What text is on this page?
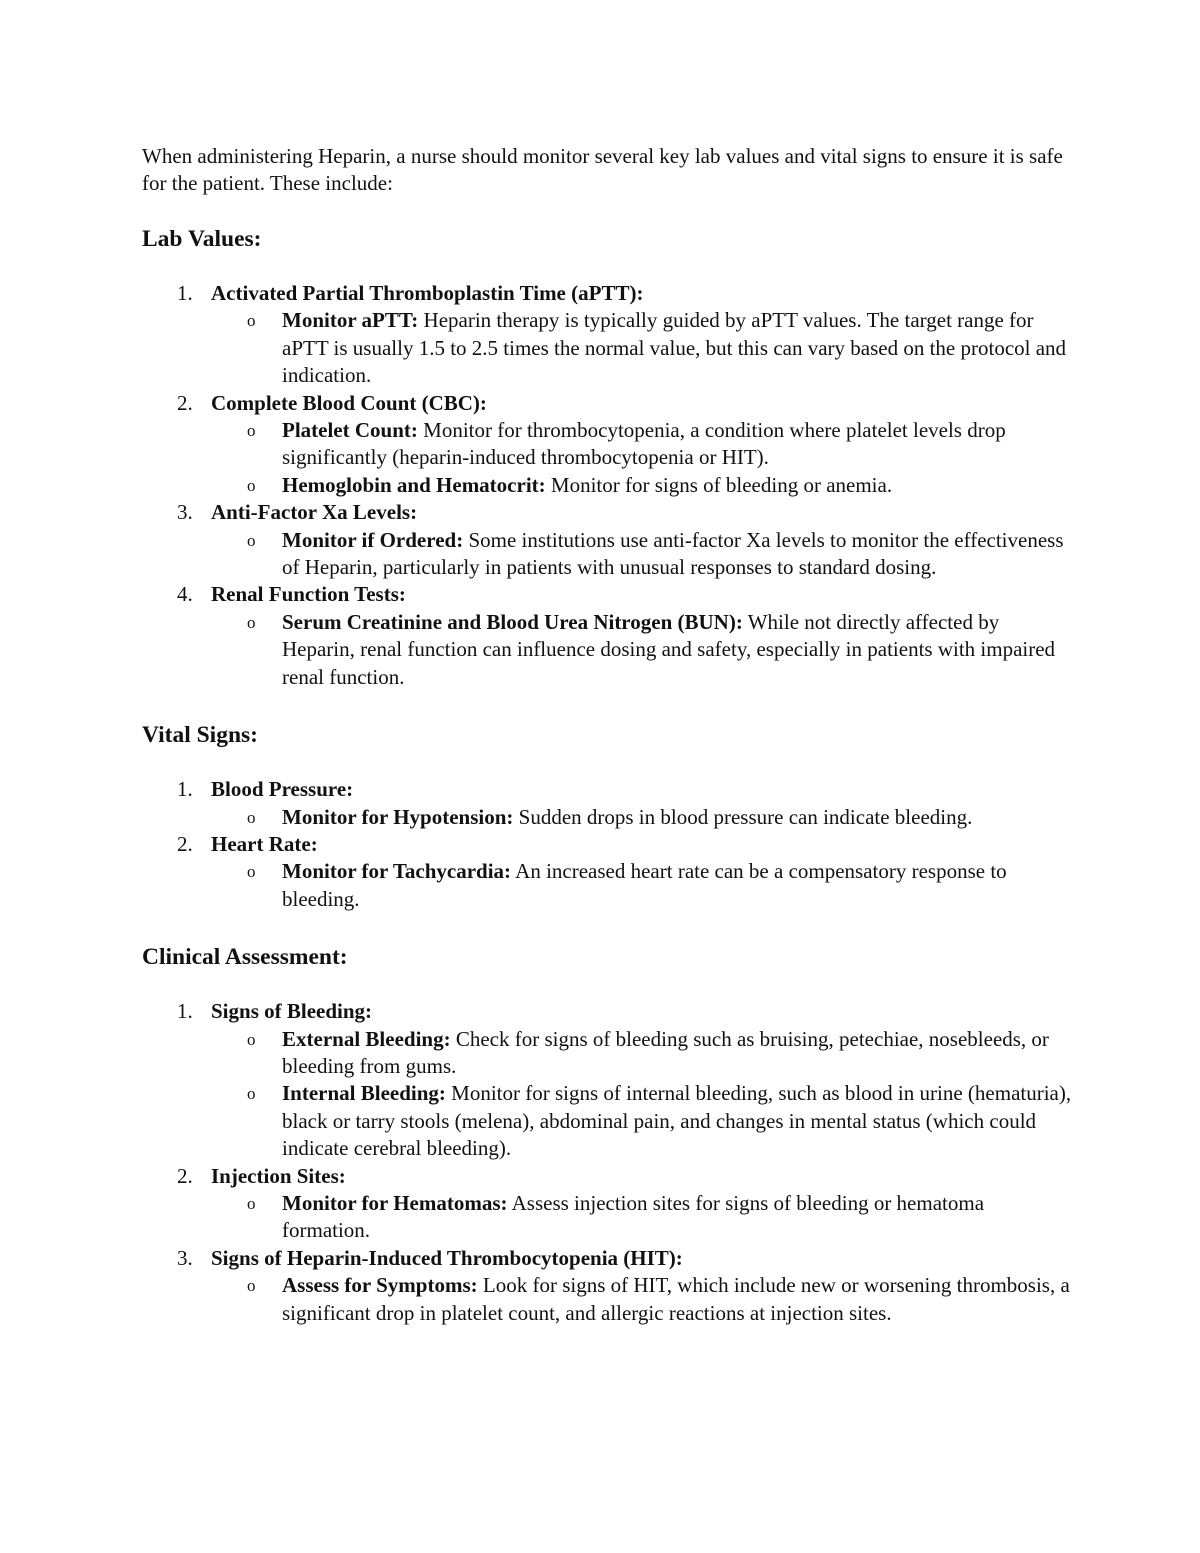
When administering Heparin, a nurse should monitor several key lab values and vital signs to ensure it is safe for the patient. These include:

Lab Values:
1. Activated Partial Thromboplastin Time (aPTT):
o Monitor aPTT: Heparin therapy is typically guided by aPTT values. The target range for aPTT is usually 1.5 to 2.5 times the normal value, but this can vary based on the protocol and indication.
2. Complete Blood Count (CBC):
o Platelet Count: Monitor for thrombocytopenia, a condition where platelet levels drop significantly (heparin-induced thrombocytopenia or HIT).
o Hemoglobin and Hematocrit: Monitor for signs of bleeding or anemia.
3. Anti-Factor Xa Levels:
o Monitor if Ordered: Some institutions use anti-factor Xa levels to monitor the effectiveness of Heparin, particularly in patients with unusual responses to standard dosing.
4. Renal Function Tests:
o Serum Creatinine and Blood Urea Nitrogen (BUN): While not directly affected by Heparin, renal function can influence dosing and safety, especially in patients with impaired renal function.
Vital Signs:
1. Blood Pressure:
o Monitor for Hypotension: Sudden drops in blood pressure can indicate bleeding.
2. Heart Rate:
o Monitor for Tachycardia: An increased heart rate can be a compensatory response to bleeding.
Clinical Assessment:
1. Signs of Bleeding:
o External Bleeding: Check for signs of bleeding such as bruising, petechiae, nosebleeds, or bleeding from gums.
o Internal Bleeding: Monitor for signs of internal bleeding, such as blood in urine (hematuria), black or tarry stools (melena), abdominal pain, and changes in mental status (which could indicate cerebral bleeding).
2. Injection Sites:
o Monitor for Hematomas: Assess injection sites for signs of bleeding or hematoma formation.
3. Signs of Heparin-Induced Thrombocytopenia (HIT):
o Assess for Symptoms: Look for signs of HIT, which include new or worsening thrombosis, a significant drop in platelet count, and allergic reactions at injection sites.
